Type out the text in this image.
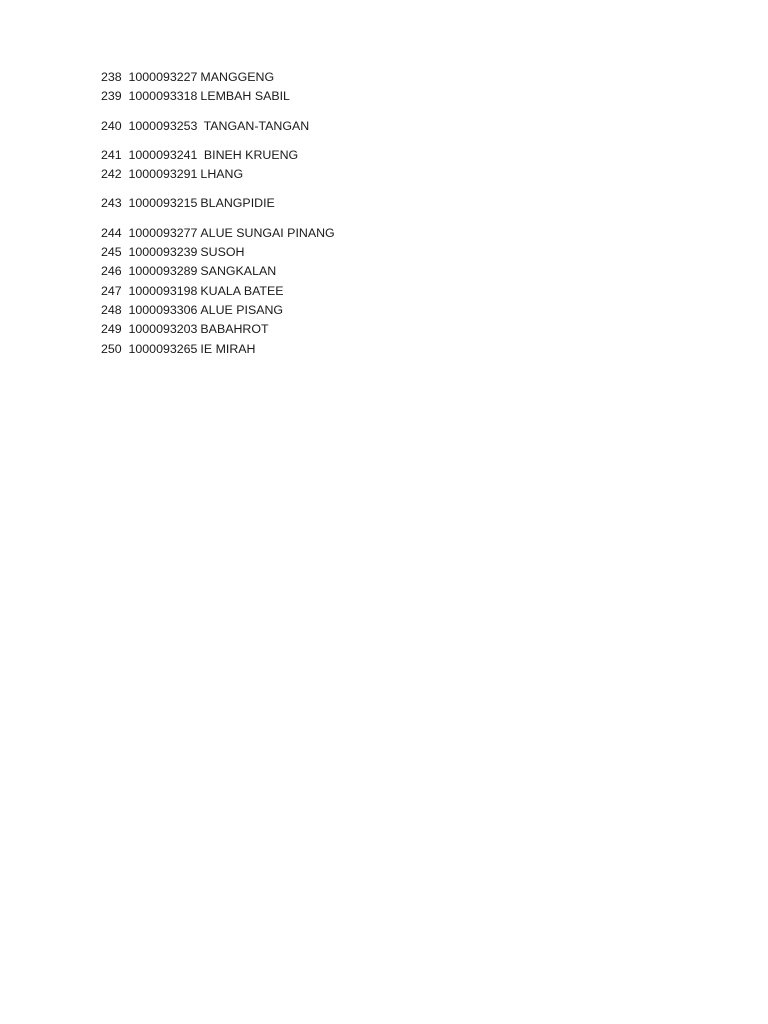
238 1000093227 MANGGENG
239 1000093318 LEMBAH SABIL
240 1000093253 TANGAN-TANGAN
241 1000093241 BINEH KRUENG
242 1000093291 LHANG
243 1000093215 BLANGPIDIE
244 1000093277 ALUE SUNGAI PINANG
245 1000093239 SUSOH
246 1000093289 SANGKALAN
247 1000093198 KUALA BATEE
248 1000093306 ALUE PISANG
249 1000093203 BABAHROT
250 1000093265 IE MIRAH
